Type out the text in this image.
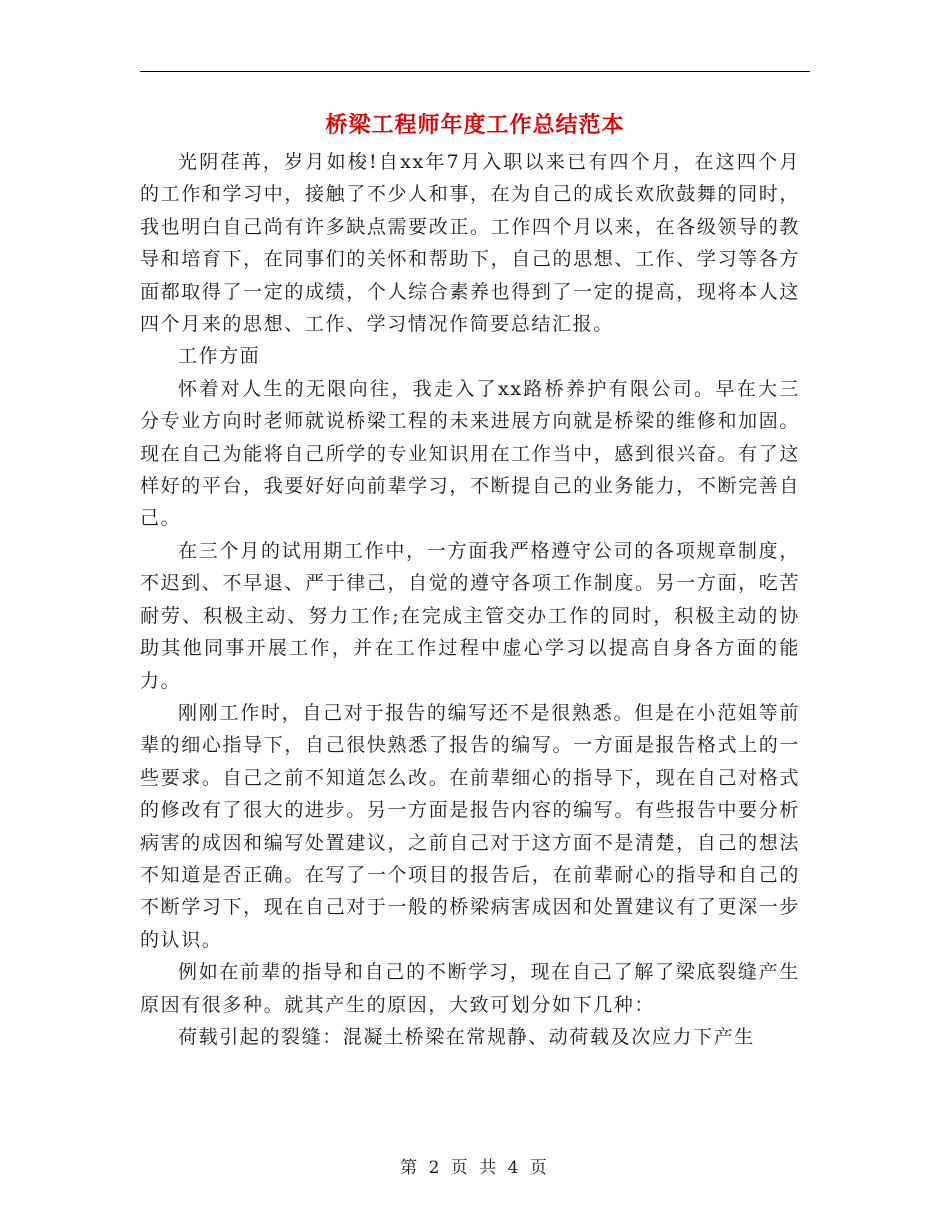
桥梁工程师年度工作总结范本

光阴荏苒，岁月如梭!自xx年7月入职以来已有四个月，在这四个月的工作和学习中，接触了不少人和事，在为自己的成长欢欣鼓舞的同时，我也明白自己尚有许多缺点需要改正。工作四个月以来，在各级领导的教导和培育下，在同事们的关怀和帮助下，自己的思想、工作、学习等各方面都取得了一定的成绩，个人综合素养也得到了一定的提高，现将本人这四个月来的思想、工作、学习情况作简要总结汇报。

工作方面

怀着对人生的无限向往，我走入了xx路桥养护有限公司。早在大三分专业方向时老师就说桥梁工程的未来进展方向就是桥梁的维修和加固。现在自己为能将自己所学的专业知识用在工作当中，感到很兴奋。有了这样好的平台，我要好好向前辈学习，不断提自己的业务能力，不断完善自己。

在三个月的试用期工作中，一方面我严格遵守公司的各项规章制度，不迟到、不早退、严于律己，自觉的遵守各项工作制度。另一方面，吃苦耐劳、积极主动、努力工作;在完成主管交办工作的同时，积极主动的协助其他同事开展工作，并在工作过程中虚心学习以提高自身各方面的能力。

刚刚工作时，自己对于报告的编写还不是很熟悉。但是在小范姐等前辈的细心指导下，自己很快熟悉了报告的编写。一方面是报告格式上的一些要求。自己之前不知道怎么改。在前辈细心的指导下，现在自己对格式的修改有了很大的进步。另一方面是报告内容的编写。有些报告中要分析病害的成因和编写处置建议，之前自己对于这方面不是清楚，自己的想法不知道是否正确。在写了一个项目的报告后，在前辈耐心的指导和自己的不断学习下，现在自己对于一般的桥梁病害成因和处置建议有了更深一步的认识。

例如在前辈的指导和自己的不断学习，现在自己了解了梁底裂缝产生原因有很多种。就其产生的原因，大致可划分如下几种：

荷载引起的裂缝：混凝土桥梁在常规静、动荷载及次应力下产生

第 2 页 共 4 页
